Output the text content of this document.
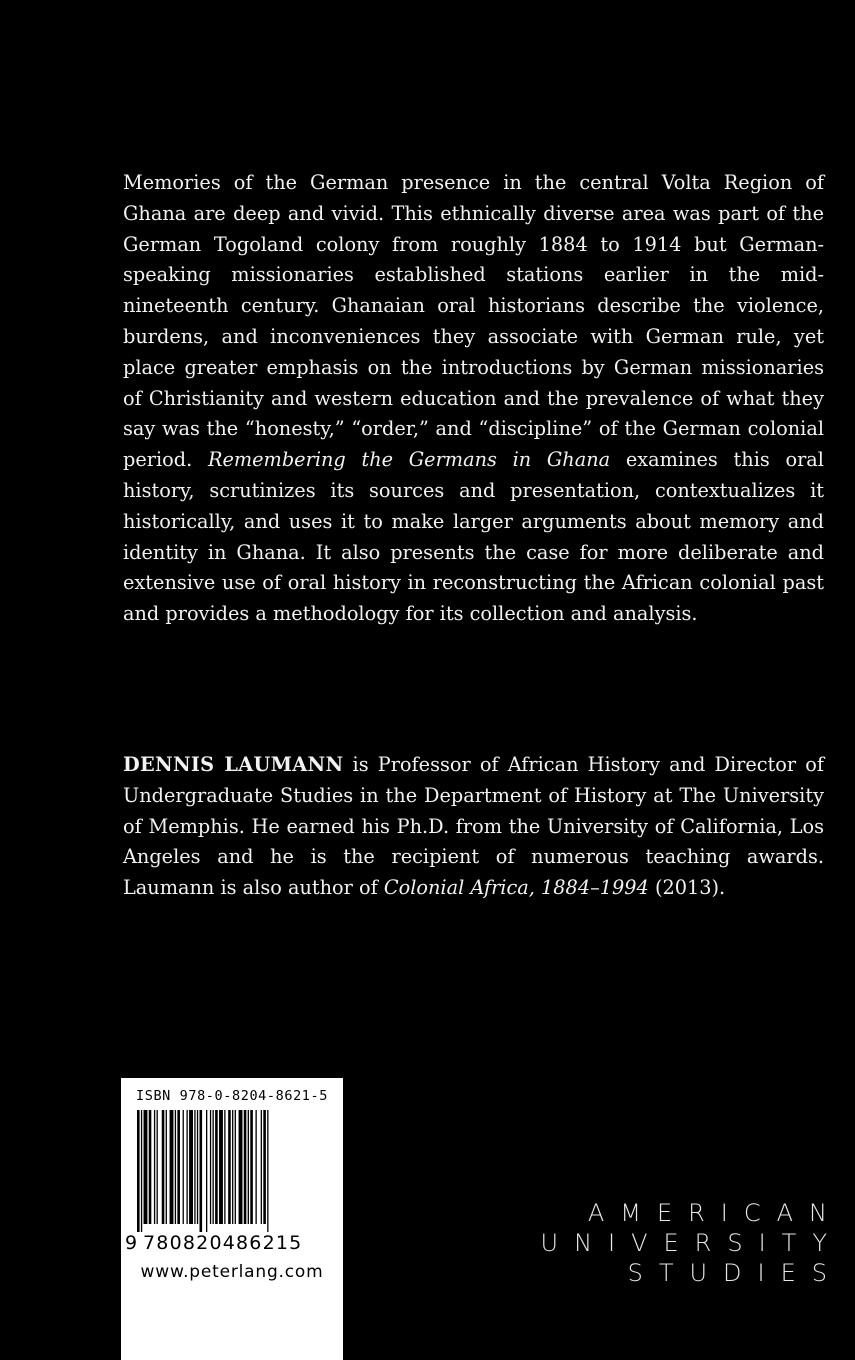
Memories of the German presence in the central Volta Region of Ghana are deep and vivid. This ethnically diverse area was part of the German Togoland colony from roughly 1884 to 1914 but German-speaking missionaries established stations earlier in the mid-nineteenth century. Ghanaian oral historians describe the violence, burdens, and inconveniences they associate with German rule, yet place greater emphasis on the introductions by German missionaries of Christianity and western education and the prevalence of what they say was the “honesty,” “order,” and “discipline” of the German colonial period. Remembering the Germans in Ghana examines this oral history, scrutinizes its sources and presentation, contextualizes it historically, and uses it to make larger arguments about memory and identity in Ghana. It also presents the case for more deliberate and extensive use of oral history in reconstructing the African colonial past and provides a methodology for its collection and analysis.

DENNIS LAUMANN is Professor of African History and Director of Undergraduate Studies in the Department of History at The University of Memphis. He earned his Ph.D. from the University of California, Los Angeles and he is the recipient of numerous teaching awards. Laumann is also author of Colonial Africa, 1884–1994 (2013).

ISBN 978-0-8204-8621-5
9 780820486215
www.peterlang.com
AMERICAN
UNIVERSITY
STUDIES
